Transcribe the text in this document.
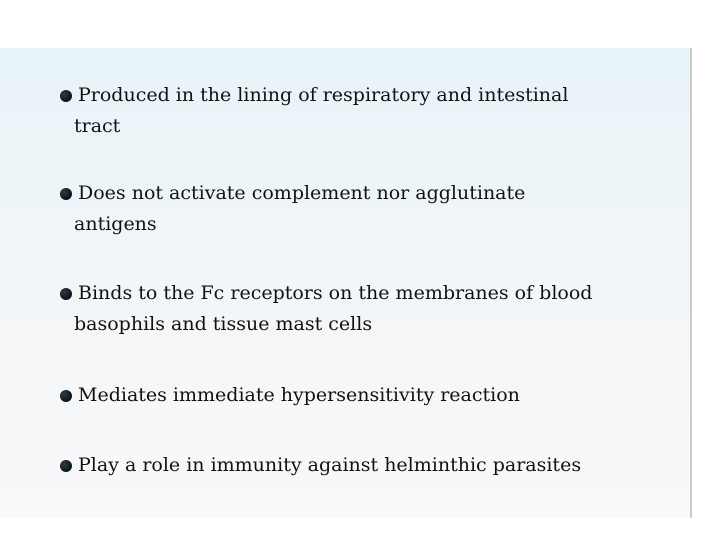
Produced in the lining of respiratory and intestinal
tract
Does not activate complement nor agglutinate
antigens
Binds to the Fc receptors on the membranes of blood
basophils and tissue mast cells
Mediates immediate hypersensitivity reaction
Play a role in immunity against helminthic parasites
